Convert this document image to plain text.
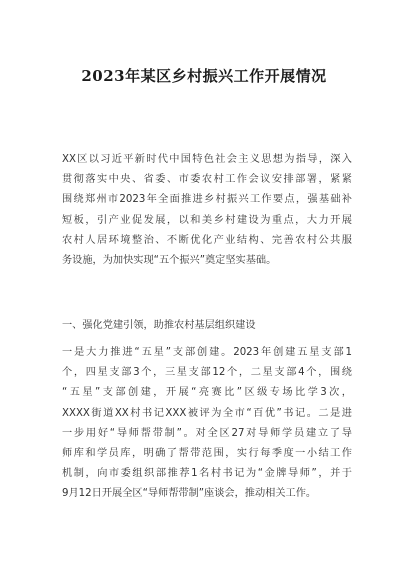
2023年某区乡村振兴工作开展情况
XX区以习近平新时代中国特色社会主义思想为指导，深入
贯彻落实中央、省委、市委农村工作会议安排部署，紧紧
围绕郑州市2023年全面推进乡村振兴工作要点，强基础补
短板，引产业促发展，以和美乡村建设为重点，大力开展
农村人居环境整治、不断优化产业结构、完善农村公共服
务设施，为加快实现“五个振兴”奠定坚实基础。
一、强化党建引领，助推农村基层组织建设
一是大力推进“五星”支部创建。2023年创建五星支部1
个，四星支部3个，三星支部12个，二星支部4个，围绕
“五星”支部创建，开展“亮赛比”区级专场比学3次，
XXXX街道XX村书记XXX被评为全市“百优”书记。二是进
一步用好“导师帮带制”。对全区27对导师学员建立了导
师库和学员库，明确了帮带范围，实行每季度一小结工作
机制，向市委组织部推荐1名村书记为“金牌导师”，并于
9月12日开展全区“导师帮带制”座谈会，推动相关工作。
